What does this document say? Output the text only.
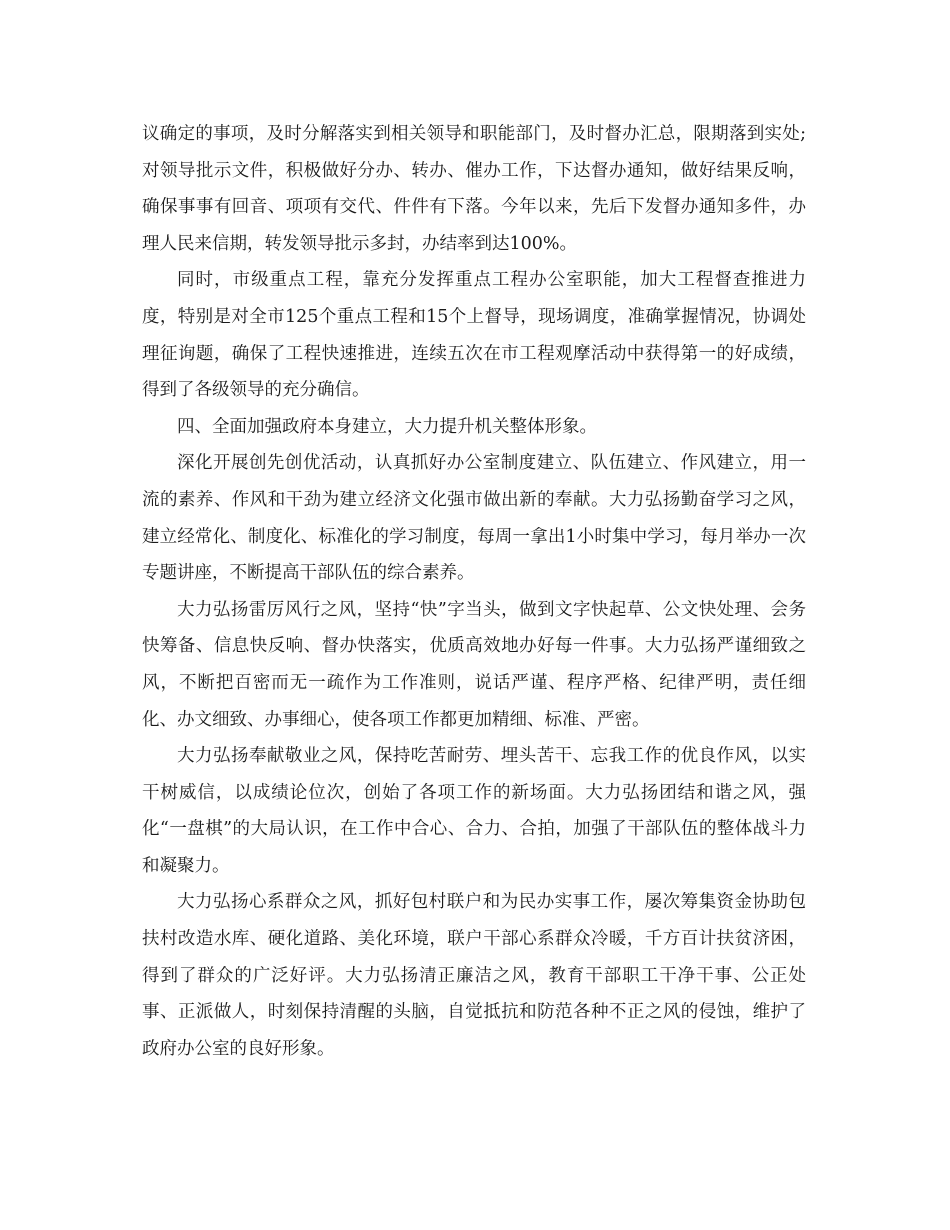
议确定的事项，及时分解落实到相关领导和职能部门，及时督办汇总，限期落到实处;对领导批示文件，积极做好分办、转办、催办工作，下达督办通知，做好结果反响，确保事事有回音、项项有交代、件件有下落。今年以来，先后下发督办通知多件，办理人民来信期，转发领导批示多封，办结率到达100%。

同时，市级重点工程，靠充分发挥重点工程办公室职能，加大工程督查推进力度，特别是对全市125个重点工程和15个上督导，现场调度，准确掌握情况，协调处理征询题，确保了工程快速推进，连续五次在市工程观摩活动中获得第一的好成绩，得到了各级领导的充分确信。

四、全面加强政府本身建立，大力提升机关整体形象。

深化开展创先创优活动，认真抓好办公室制度建立、队伍建立、作风建立，用一流的素养、作风和干劲为建立经济文化强市做出新的奉献。大力弘扬勤奋学习之风，建立经常化、制度化、标准化的学习制度，每周一拿出1小时集中学习，每月举办一次专题讲座，不断提高干部队伍的综合素养。

大力弘扬雷厉风行之风，坚持“快”字当头，做到文字快起草、公文快处理、会务快筹备、信息快反响、督办快落实，优质高效地办好每一件事。大力弘扬严谨细致之风，不断把百密而无一疏作为工作准则，说话严谨、程序严格、纪律严明，责任细化、办文细致、办事细心，使各项工作都更加精细、标准、严密。

大力弘扬奉献敬业之风，保持吃苦耐劳、埋头苦干、忘我工作的优良作风，以实干树威信，以成绩论位次，创始了各项工作的新场面。大力弘扬团结和谐之风，强化“一盘棋”的大局认识，在工作中合心、合力、合拍，加强了干部队伍的整体战斗力和凝聚力。

大力弘扬心系群众之风，抓好包村联户和为民办实事工作，屡次筹集资金协助包扶村改造水库、硬化道路、美化环境，联户干部心系群众冷暖，千方百计扶贫济困，得到了群众的广泛好评。大力弘扬清正廉洁之风，教育干部职工干净干事、公正处事、正派做人，时刻保持清醒的头脑，自觉抵抗和防范各种不正之风的侵蚀，维护了政府办公室的良好形象。
